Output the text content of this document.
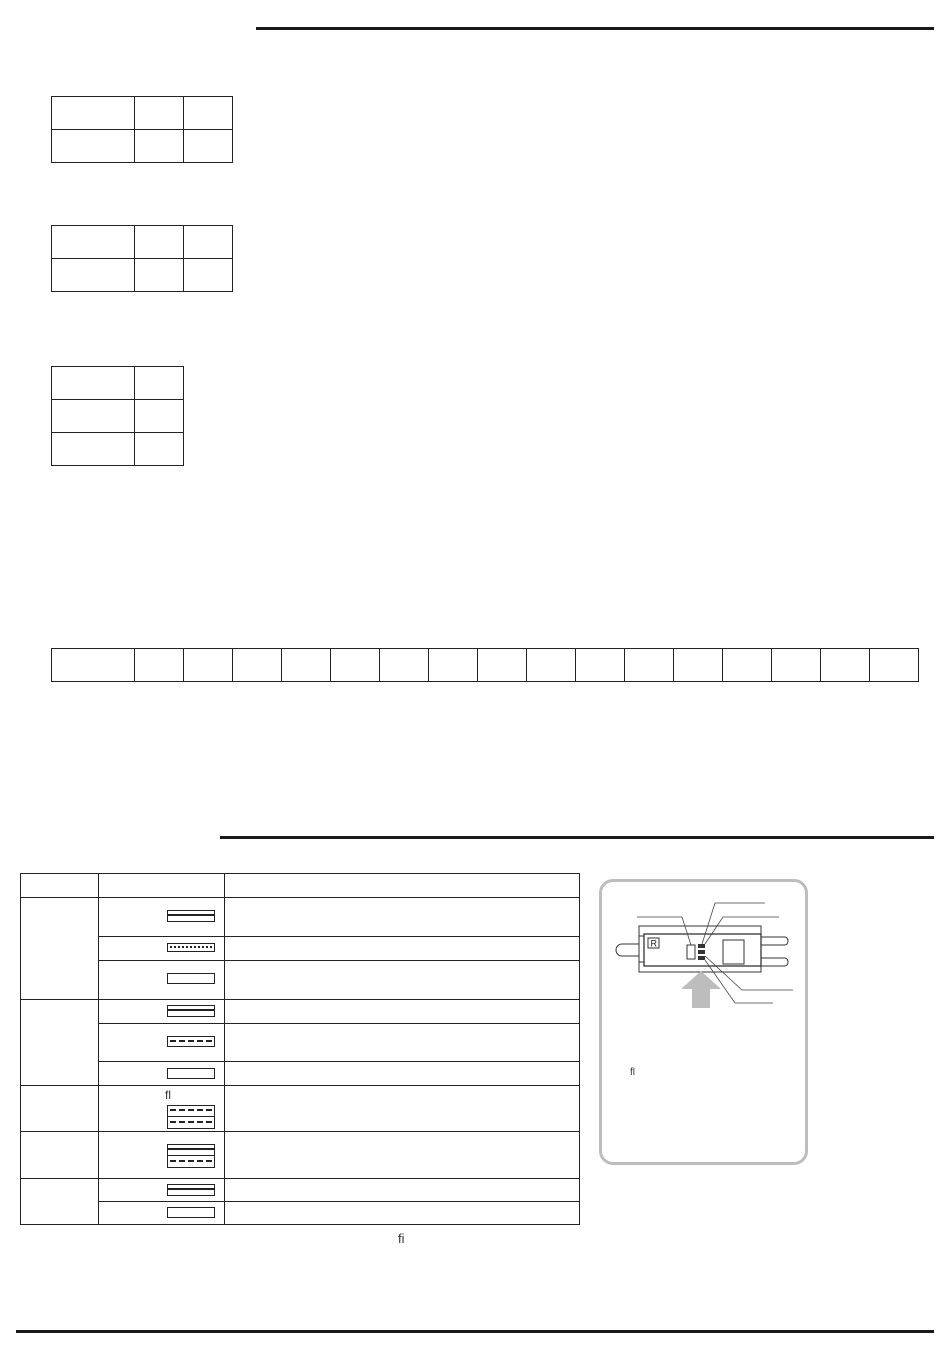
	ﬂ	

ﬁ
R
ﬂ
